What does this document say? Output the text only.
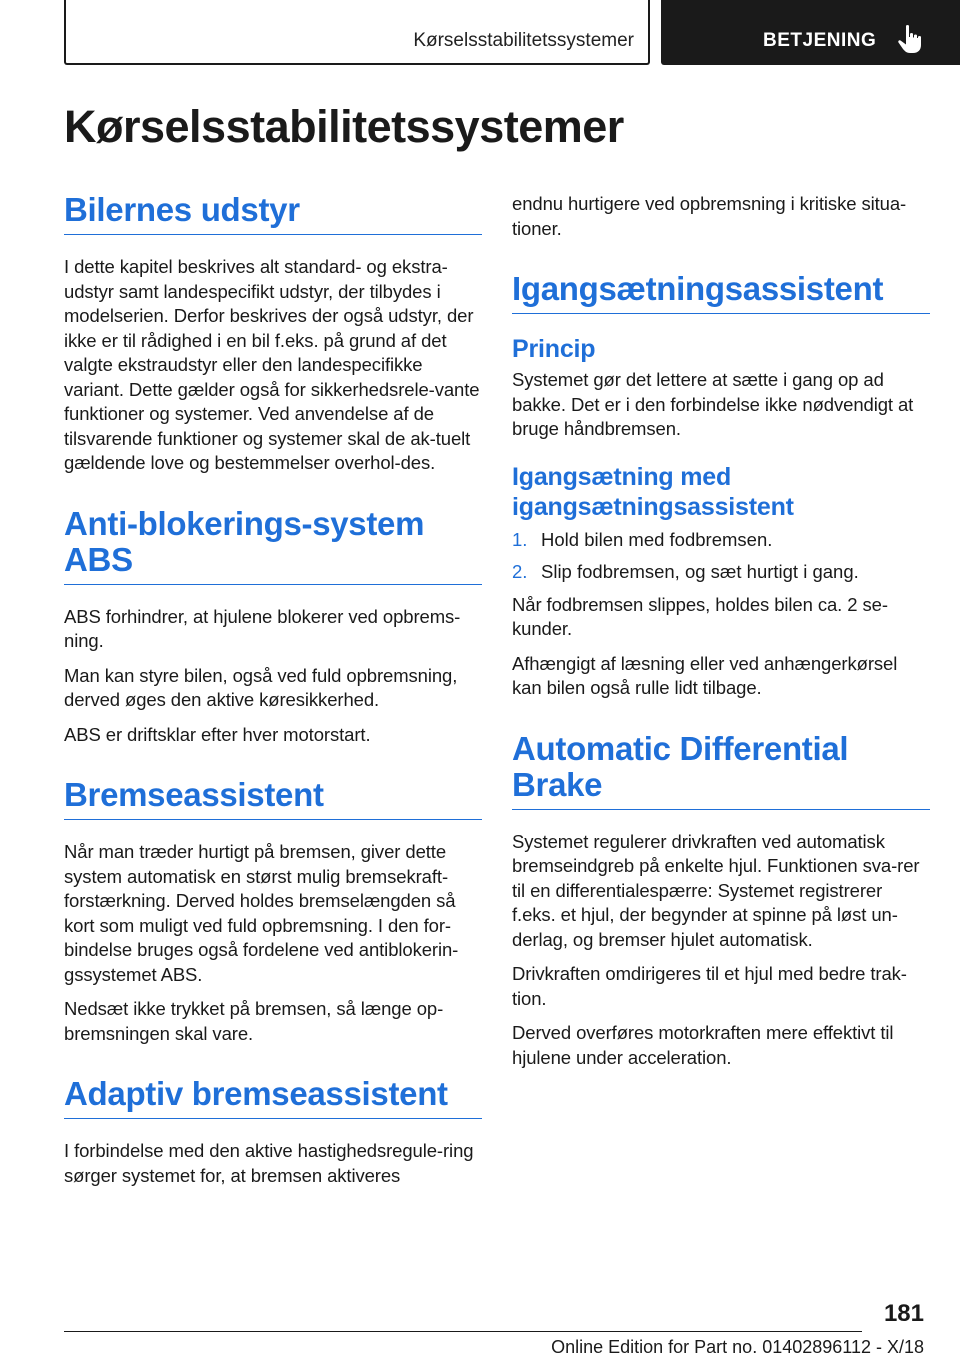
Kørselsstabilitetssystemer	BETJENING
Kørselsstabilitetssystemer
Bilernes udstyr

I dette kapitel beskrives alt standard- og ekstra-udstyr samt landespecifikt udstyr, der tilbydes i modelserien. Derfor beskrives der også udstyr, der ikke er til rådighed i en bil f.eks. på grund af det valgte ekstraudstyr eller den landespecifikke variant. Dette gælder også for sikkerhedsrele-vante funktioner og systemer. Ved anvendelse af de tilsvarende funktioner og systemer skal de ak-tuelt gældende love og bestemmelser overhol-des.

Anti-blokerings-system
ABS

ABS forhindrer, at hjulene blokerer ved opbrems-ning.

Man kan styre bilen, også ved fuld opbremsning, derved øges den aktive køresikkerhed.

ABS er driftsklar efter hver motorstart.

Bremseassistent

Når man træder hurtigt på bremsen, giver dette system automatisk en størst mulig bremsekraft-forstærkning. Derved holdes bremselængden så kort som muligt ved fuld opbremsning. I den for-bindelse bruges også fordelene ved antiblokerin-gssystemet ABS.

Nedsæt ikke trykket på bremsen, så længe op-bremsningen skal vare.

Adaptiv bremseassistent

I forbindelse med den aktive hastighedsregule-ring sørger systemet for, at bremsen aktiveres

endnu hurtigere ved opbremsning i kritiske situa-tioner.

Igangsætningsassistent
Princip

Systemet gør det lettere at sætte i gang op ad bakke. Det er i den forbindelse ikke nødvendigt at bruge håndbremsen.

Igangsætning med
igangsætningsassistent
1. Hold bilen med fodbremsen.
2. Slip fodbremsen, og sæt hurtigt i gang.

Når fodbremsen slippes, holdes bilen ca. 2 se-kunder.

Afhængigt af læsning eller ved anhængerkørsel kan bilen også rulle lidt tilbage.

Automatic Differential
Brake

Systemet regulerer drivkraften ved automatisk bremseindgreb på enkelte hjul. Funktionen sva-rer til en differentialespærre: Systemet registrerer f.eks. et hjul, der begynder at spinne på løst un-derlag, og bremser hjulet automatisk.

Drivkraften omdirigeres til et hjul med bedre trak-tion.

Derved overføres motorkraften mere effektivt til hjulene under acceleration.

181
Online Edition for Part no. 01402896112 - X/18
